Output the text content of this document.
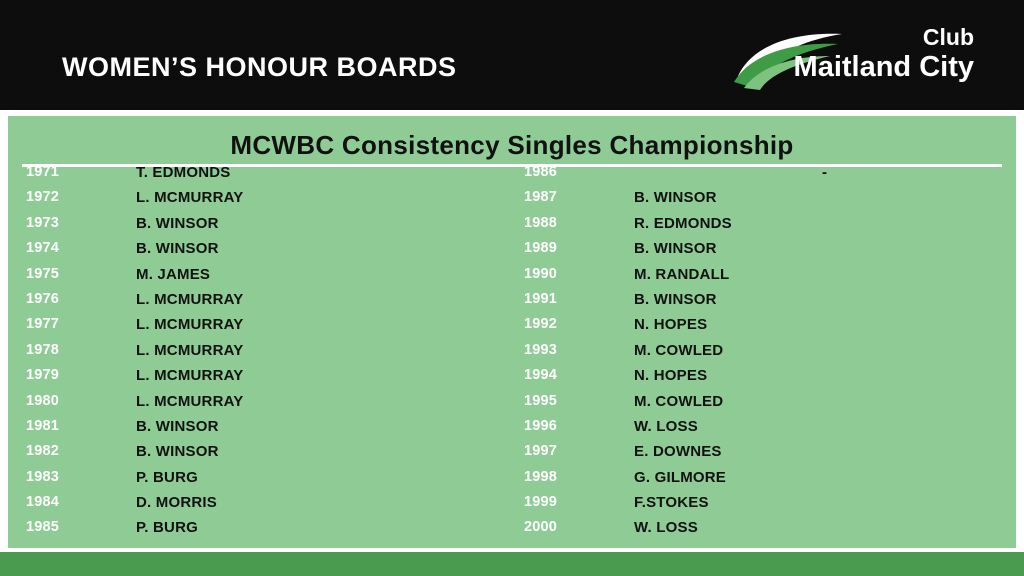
WOMEN’S HONOUR BOARDS
Club
Maitland City
MCWBC Consistency Singles Championship
1971	T. EDMONDS
1972	L. MCMURRAY
1973	B. WINSOR
1974	B. WINSOR
1975	M. JAMES
1976	L. MCMURRAY
1977	L. MCMURRAY
1978	L. MCMURRAY
1979	L. MCMURRAY
1980	L. MCMURRAY
1981	B. WINSOR
1982	B. WINSOR
1983	P. BURG
1984	D. MORRIS
1985	P. BURG
1986	-
1987	B. WINSOR
1988	R. EDMONDS
1989	B. WINSOR
1990	M. RANDALL
1991	B. WINSOR
1992	N. HOPES
1993	M. COWLED
1994	N. HOPES
1995	M. COWLED
1996	W. LOSS
1997	E. DOWNES
1998	G. GILMORE
1999	F.STOKES
2000	W. LOSS
